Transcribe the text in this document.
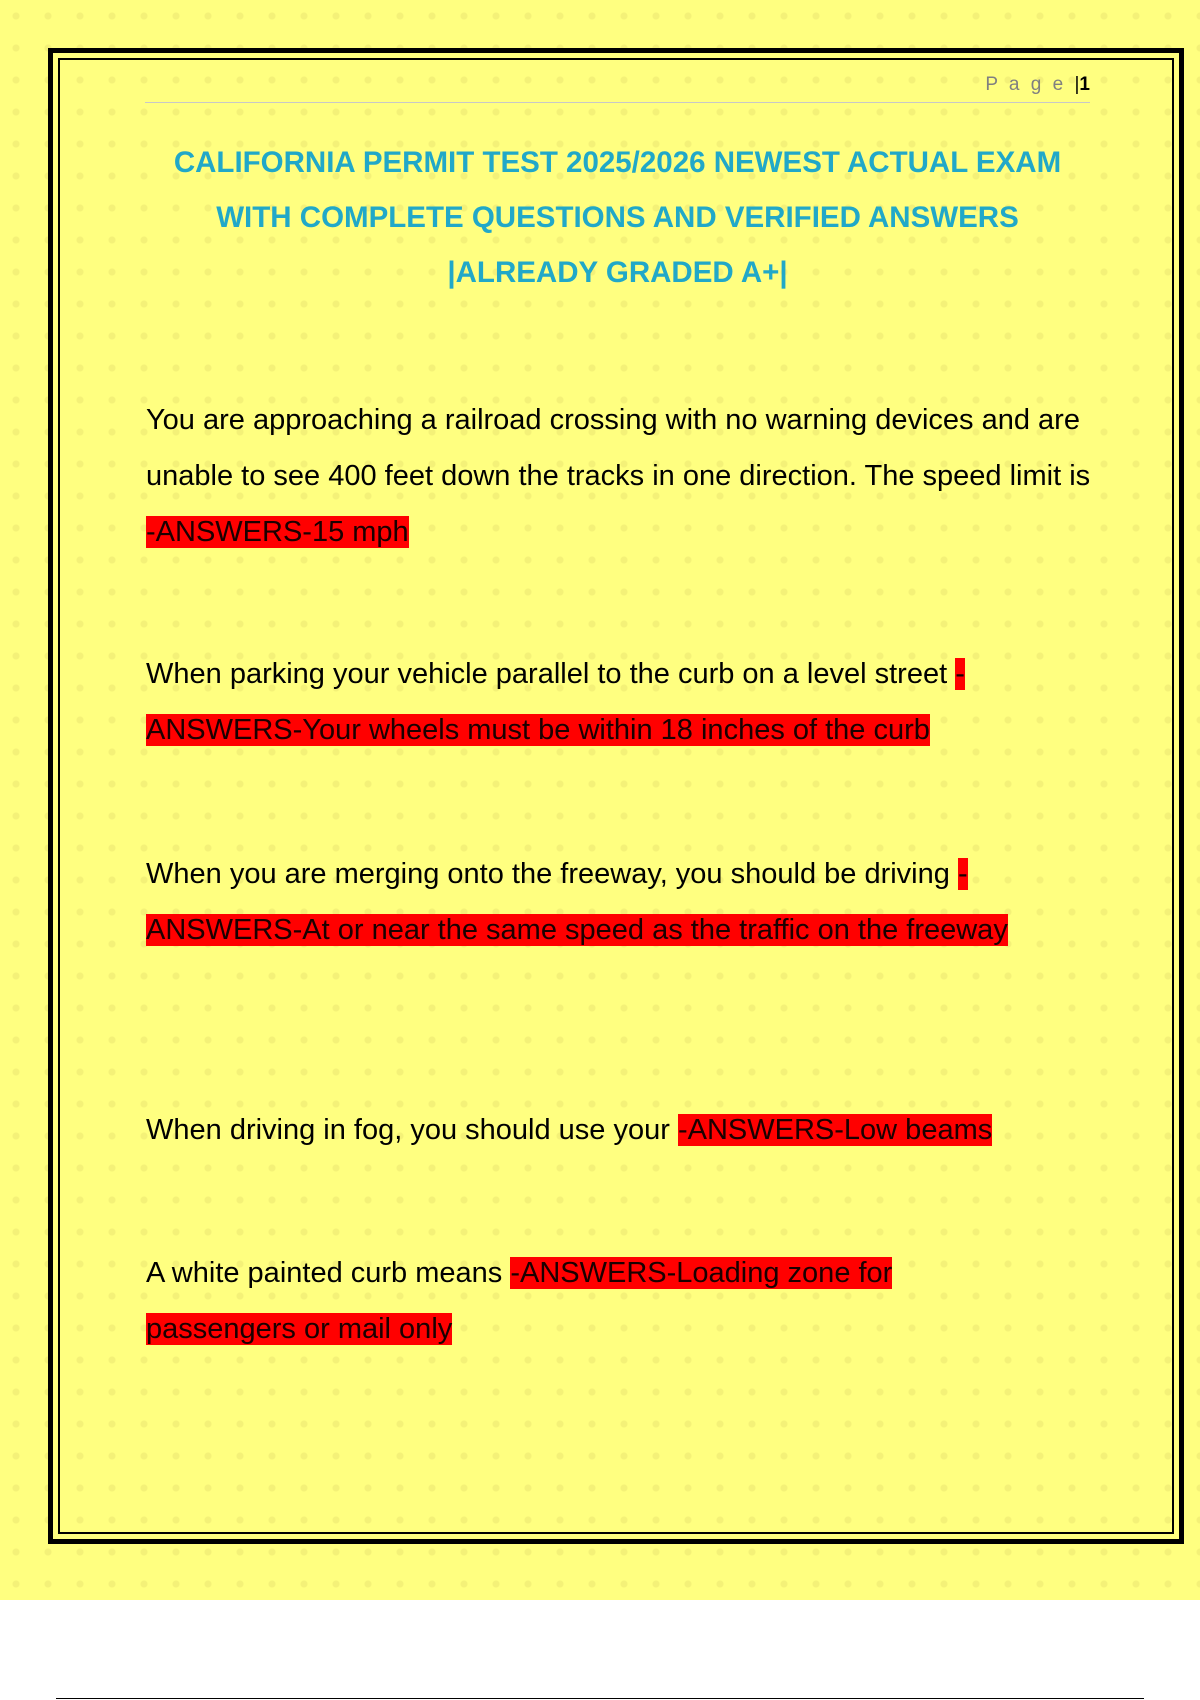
P a g e |1
CALIFORNIA PERMIT TEST 2025/2026 NEWEST ACTUAL EXAM WITH COMPLETE QUESTIONS AND VERIFIED ANSWERS |ALREADY GRADED A+|

You are approaching a railroad crossing with no warning devices and are unable to see 400 feet down the tracks in one direction. The speed limit is -ANSWERS-15 mph

When parking your vehicle parallel to the curb on a level street -ANSWERS-Your wheels must be within 18 inches of the curb

When you are merging onto the freeway, you should be driving -ANSWERS-At or near the same speed as the traffic on the freeway

When driving in fog, you should use your -ANSWERS-Low beams

A white painted curb means -ANSWERS-Loading zone for passengers or mail only
